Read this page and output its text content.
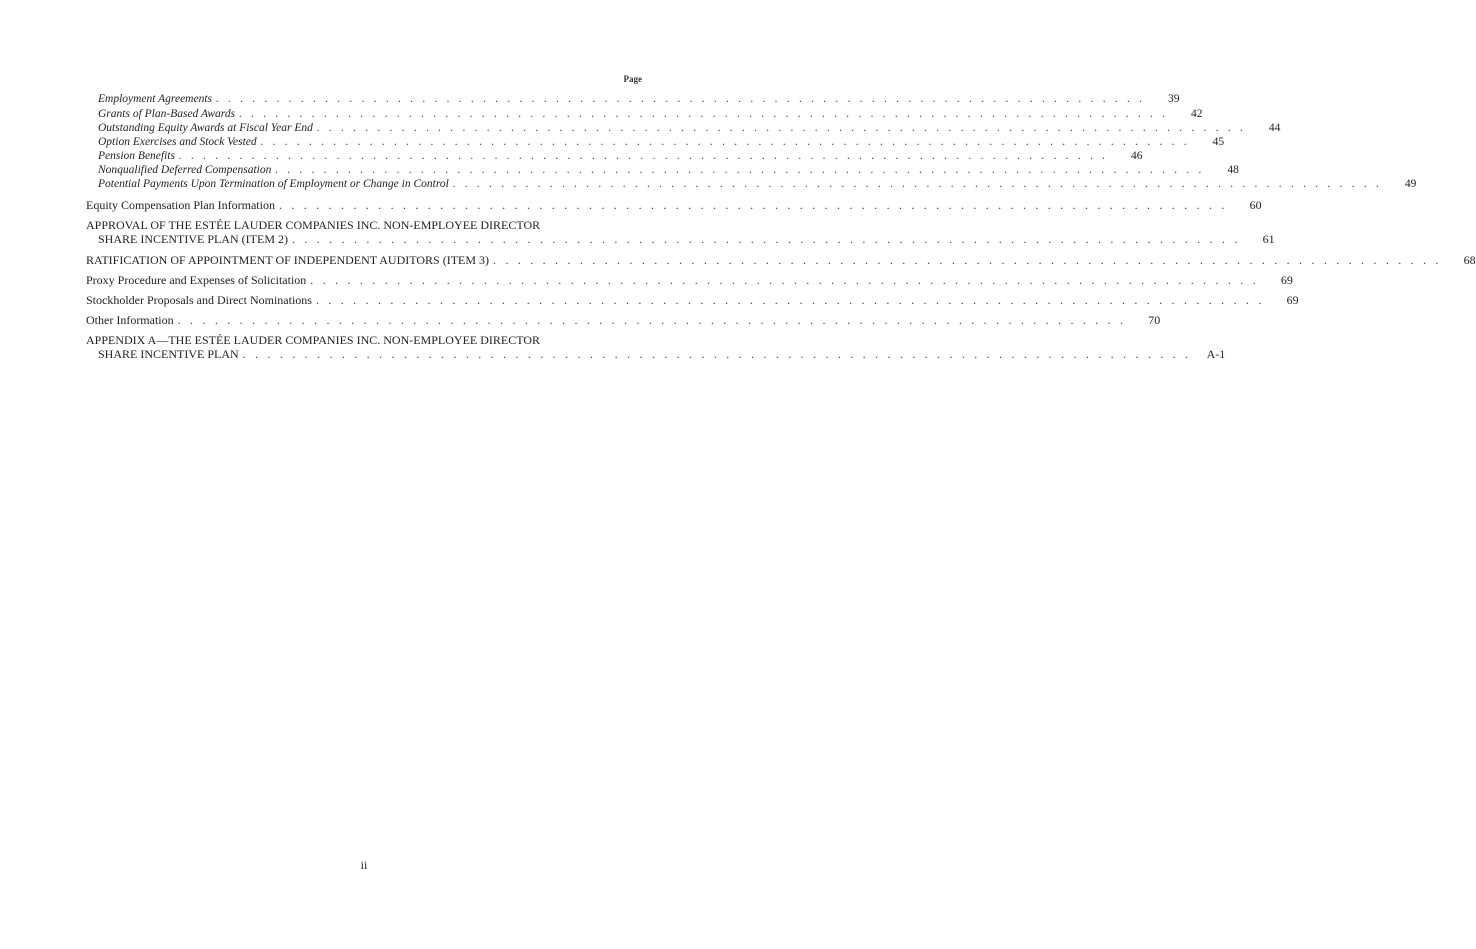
Page
Employment Agreements . . . . . . . . . . . . . . . . . . . . . . . . . . . . . . . . . . . . . . . . . . . . . . . . . . . . . . . . . . . . . . . . . . . . . . . . . . . . .	39
Grants of Plan-Based Awards . . . . . . . . . . . . . . . . . . . . . . . . . . . . . . . . . . . . . . . . . . . . . . . . . . . . . . . . . . . . . . . . . . . . . . . . . . . . .	42
Outstanding Equity Awards at Fiscal Year End . . . . . . . . . . . . . . . . . . . . . . . . . . . . . . . . . . . . . . . . . . . . . . . . . . . . . . . . . . . . . . . . . . . . . . . . . . . . .	44
Option Exercises and Stock Vested . . . . . . . . . . . . . . . . . . . . . . . . . . . . . . . . . . . . . . . . . . . . . . . . . . . . . . . . . . . . . . . . . . . . . . . . . . . . .	45
Pension Benefits . . . . . . . . . . . . . . . . . . . . . . . . . . . . . . . . . . . . . . . . . . . . . . . . . . . . . . . . . . . . . . . . . . . . . . . . . . . . .	46
Nonqualified Deferred Compensation . . . . . . . . . . . . . . . . . . . . . . . . . . . . . . . . . . . . . . . . . . . . . . . . . . . . . . . . . . . . . . . . . . . . . . . . . . . . .	48
Potential Payments Upon Termination of Employment or Change in Control . . . . . . . . . . . . . . . . . . . . . . . . . . . . . . . . . . . . . . . . . . . . . . . . . . . . . . . . . . . . . . . . . . . . . . . . . . . . .	49
Equity Compensation Plan Information . . . . . . . . . . . . . . . . . . . . . . . . . . . . . . . . . . . . . . . . . . . . . . . . . . . . . . . . . . . . . . . . . . . . . . . . . . . . .	60
APPROVAL OF THE ESTÉE LAUDER COMPANIES INC. NON-EMPLOYEE DIRECTOR
SHARE INCENTIVE PLAN (ITEM 2) . . . . . . . . . . . . . . . . . . . . . . . . . . . . . . . . . . . . . . . . . . . . . . . . . . . . . . . . . . . . . . . . . . . . . . . . . . . . .	61
RATIFICATION OF APPOINTMENT OF INDEPENDENT AUDITORS (ITEM 3) . . . . . . . . . . . . . . . . . . . . . . . . . . . . . . . . . . . . . . . . . . . . . . . . . . . . . . . . . . . . . . . . . . . . . . . . . . . . .	68
Proxy Procedure and Expenses of Solicitation . . . . . . . . . . . . . . . . . . . . . . . . . . . . . . . . . . . . . . . . . . . . . . . . . . . . . . . . . . . . . . . . . . . . . . . . . . . . .	69
Stockholder Proposals and Direct Nominations . . . . . . . . . . . . . . . . . . . . . . . . . . . . . . . . . . . . . . . . . . . . . . . . . . . . . . . . . . . . . . . . . . . . . . . . . . . . .	69
Other Information . . . . . . . . . . . . . . . . . . . . . . . . . . . . . . . . . . . . . . . . . . . . . . . . . . . . . . . . . . . . . . . . . . . . . . . . . . . . .	70
APPENDIX A—THE ESTÉE LAUDER COMPANIES INC. NON-EMPLOYEE DIRECTOR
SHARE INCENTIVE PLAN . . . . . . . . . . . . . . . . . . . . . . . . . . . . . . . . . . . . . . . . . . . . . . . . . . . . . . . . . . . . . . . . . . . . . . . . . . . . .	A-1
ii
